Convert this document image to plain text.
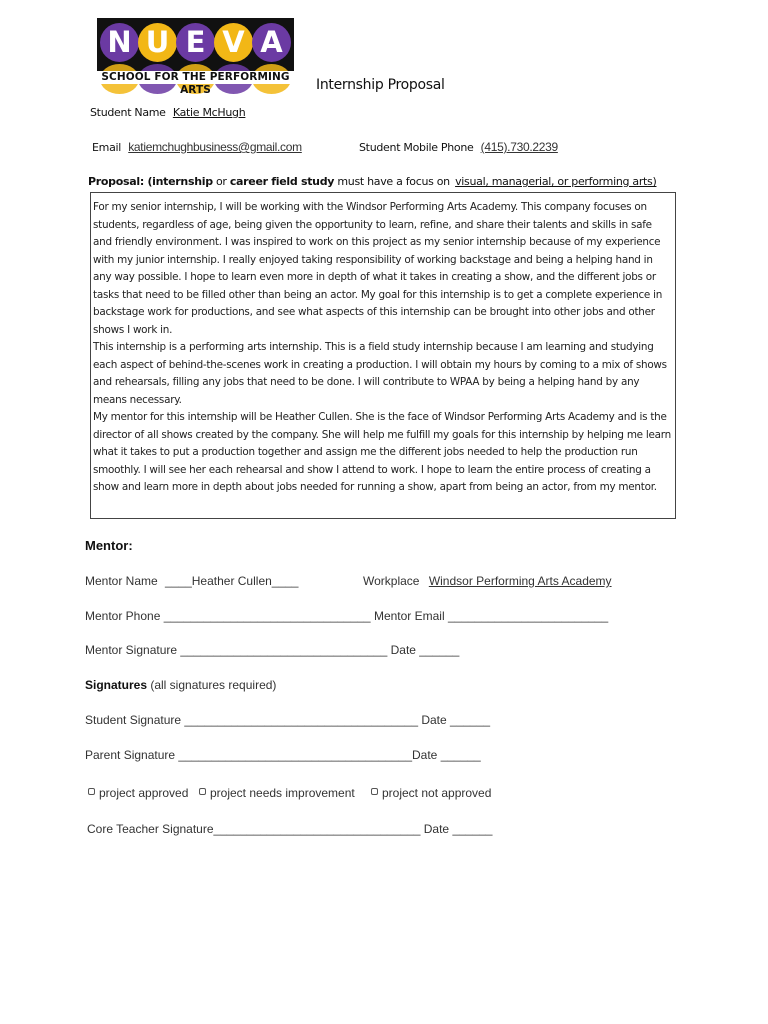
N U E V A
SCHOOL FOR THE PERFORMING ARTS	Internship Proposal
Student Name Katie McHugh
Email katiemchughbusiness@gmail.com	Student Mobile Phone (415).730.2239
Proposal: (internship or career field study must have a focus on visual, managerial, or performing arts)

For my senior internship, I will be working with the Windsor Performing Arts Academy. This company focuses on students, regardless of age, being given the opportunity to learn, refine, and share their talents and skills in safe and friendly environment. I was inspired to work on this project as my senior internship because of my experience with my junior internship. I really enjoyed taking responsibility of working backstage and being a helping hand in any way possible. I hope to learn even more in depth of what it takes in creating a show, and the different jobs or tasks that need to be filled other than being an actor. My goal for this internship is to get a complete experience in backstage work for productions, and see what aspects of this internship can be brought into other jobs and other shows I work in.

This internship is a performing arts internship. This is a field study internship because I am learning and studying each aspect of behind-the-scenes work in creating a production. I will obtain my hours by coming to a mix of shows and rehearsals, filling any jobs that need to be done. I will contribute to WPAA by being a helping hand by any means necessary.

My mentor for this internship will be Heather Cullen. She is the face of Windsor Performing Arts Academy and is the director of all shows created by the company. She will help me fulfill my goals for this internship by helping me learn what it takes to put a production together and assign me the different jobs needed to help the production run smoothly. I will see her each rehearsal and show I attend to work. I hope to learn the entire process of creating a show and learn more in depth about jobs needed for running a show, apart from being an actor, from my mentor.

Mentor:
Mentor Name ____Heather Cullen____	Workplace Windsor Performing Arts Academy
Mentor Phone _______________________________ Mentor Email ________________________
Mentor Signature _______________________________ Date ______
Signatures (all signatures required)
Student Signature ___________________________________ Date ______
Parent Signature ___________________________________Date ______
project approved	project needs improvement	project not approved
Core Teacher Signature_______________________________ Date ______
